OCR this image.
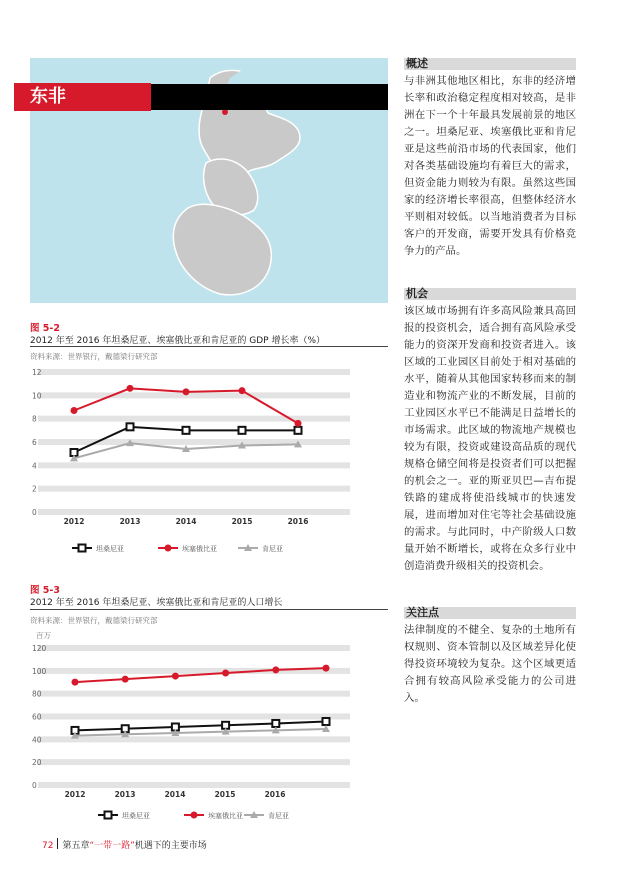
东非
图 5-2
2012 年至 2016 年坦桑尼亚、埃塞俄比亚和肯尼亚的 GDP 增长率（%）
资料来源：世界银行，戴德梁行研究部
0
2
4
6
8
10
12
2012	2013	2014	2015	2016
坦桑尼亚	埃塞俄比亚	肯尼亚
图 5-3
2012 年至 2016 年坦桑尼亚、埃塞俄比亚和肯尼亚的人口增长
资料来源：世界银行，戴德梁行研究部
百万
0
20
40
60
80
100
120
2012	2013	2014	2015	2016
坦桑尼亚	埃塞俄比亚	肯尼亚
概述
与非洲其他地区相比，东非的经济增长率和政治稳定程度相对较高，是非洲在下一个十年最具发展前景的地区之一。坦桑尼亚、埃塞俄比亚和肯尼亚是这些前沿市场的代表国家，他们对各类基础设施均有着巨大的需求，但资金能力则较为有限。虽然这些国家的经济增长率很高，但整体经济水平则相对较低。以当地消费者为目标客户的开发商，需要开发具有价格竞争力的产品。
机会
该区域市场拥有许多高风险兼具高回报的投资机会，适合拥有高风险承受能力的资深开发商和投资者进入。该区域的工业园区目前处于相对基础的水平，随着从其他国家转移而来的制造业和物流产业的不断发展，目前的工业园区水平已不能满足日益增长的市场需求。此区域的物流地产规模也较为有限，投资或建设高品质的现代规格仓储空间将是投资者们可以把握的机会之一。亚的斯亚贝巴—吉布提铁路的建成将使沿线城市的快速发展，进而增加对住宅等社会基础设施的需求。与此同时，中产阶级人口数量开始不断增长，或将在众多行业中创造消费升级相关的投资机会。
关注点
法律制度的不健全、复杂的土地所有权规则、资本管制以及区域差异化使得投资环境较为复杂。这个区域更适合拥有较高风险承受能力的公司进入。
72 第五章“一带一路”机遇下的主要市场
